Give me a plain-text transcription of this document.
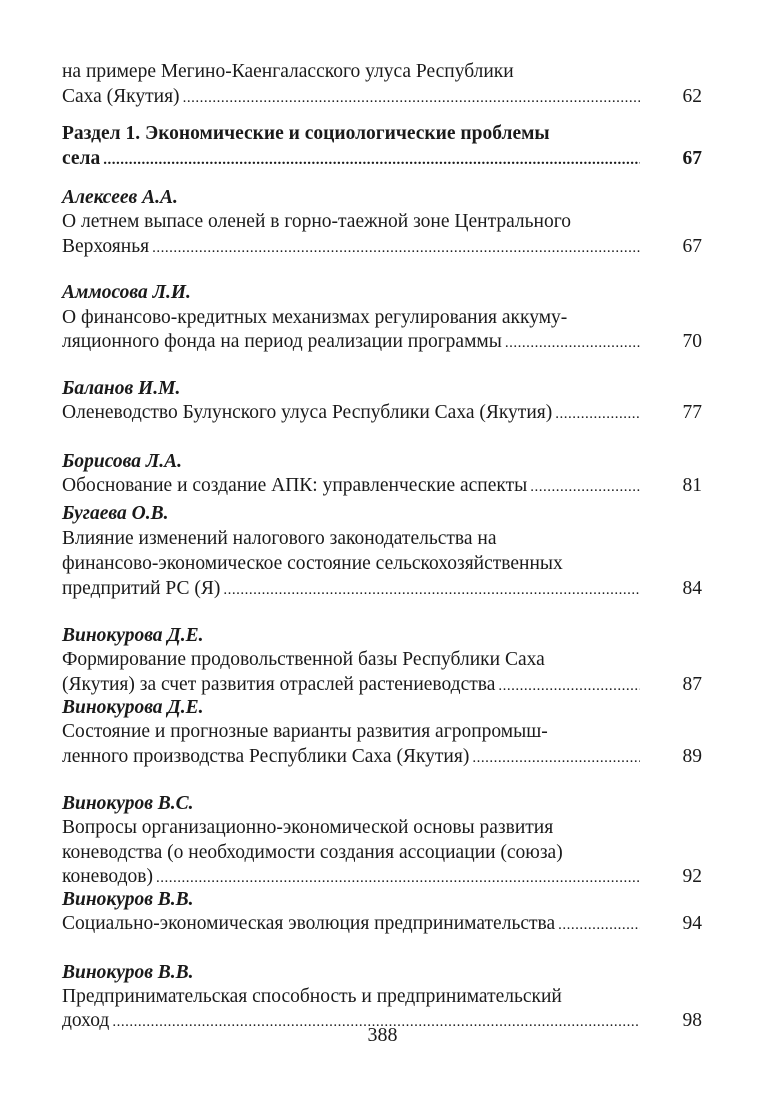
на примере Мегино-Каенгаласского улуса Республики
Саха (Якутия) .....	62
Раздел 1. Экономические и социологические проблемы
села .....	67
Алексеев А.А.
О летнем выпасе оленей в горно-таежной зоне Центрального
Верхоянья .....	67
Аммосова Л.И.
О финансово-кредитных механизмах регулирования аккуму-
ляционного фонда на период реализации программы .....	70
Баланов И.М.
Оленеводство Булунского улуса Республики Саха (Якутия) .....	77
Борисова Л.А.
Обоснование и создание АПК: управленческие аспекты .....	81
Бугаева О.В.
Влияние изменений налогового законодательства на
финансово-экономическое состояние сельскохозяйственных
предпритий РС (Я) .....	84
Винокурова Д.Е.
Формирование продовольственной базы Республики Саха
(Якутия) за счет развития отраслей растениеводства .....	87
Винокурова Д.Е.
Состояние и прогнозные варианты развития агропромыш-
ленного производства Республики Саха (Якутия) .....	89
Винокуров В.С.
Вопросы организационно-экономической основы развития
коневодства (о необходимости создания ассоциации (союза)
коневодов) .....	92
Винокуров В.В.
Социально-экономическая эволюция предпринимательства .....	94
Винокуров В.В.
Предпринимательская способность и предпринимательский
доход .....	98
388
